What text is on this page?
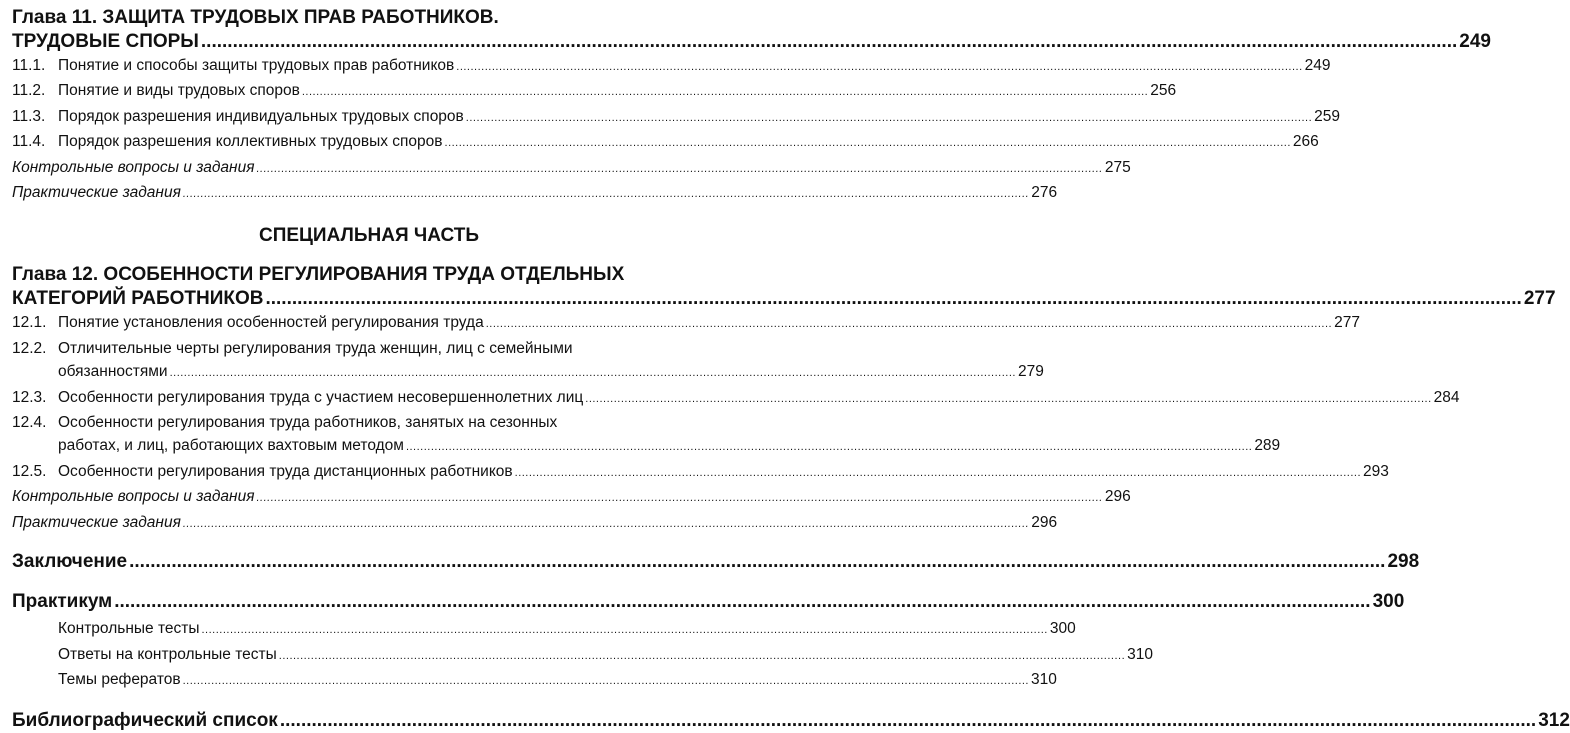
Глава 11. ЗАЩИТА ТРУДОВЫХ ПРАВ РАБОТНИКОВ.
ТРУДОВЫЕ СПОРЫ .....	249
11.1. Понятие и способы защиты трудовых прав работников .....	249
11.2. Понятие и виды трудовых споров .....	256
11.3. Порядок разрешения индивидуальных трудовых споров .....	259
11.4. Порядок разрешения коллективных трудовых споров .....	266
Контрольные вопросы и задания .....	275
Практические задания .....	276
СПЕЦИАЛЬНАЯ ЧАСТЬ
Глава 12. ОСОБЕННОСТИ РЕГУЛИРОВАНИЯ ТРУДА ОТДЕЛЬНЫХ
КАТЕГОРИЙ РАБОТНИКОВ .....	277
12.1. Понятие установления особенностей регулирования труда .....	277
12.2. Отличительные черты регулирования труда женщин, лиц с семейными
обязанностями .....	279
12.3. Особенности регулирования труда с участием несовершеннолетних лиц .....	284
12.4. Особенности регулирования труда работников, занятых на сезонных
работах, и лиц, работающих вахтовым методом .....	289
12.5. Особенности регулирования труда дистанционных работников .....	293
Контрольные вопросы и задания .....	296
Практические задания .....	296
Заключение .....	298
Практикум .....	300
Контрольные тесты .....	300
Ответы на контрольные тесты .....	310
Темы рефератов .....	310
Библиографический список .....	312
